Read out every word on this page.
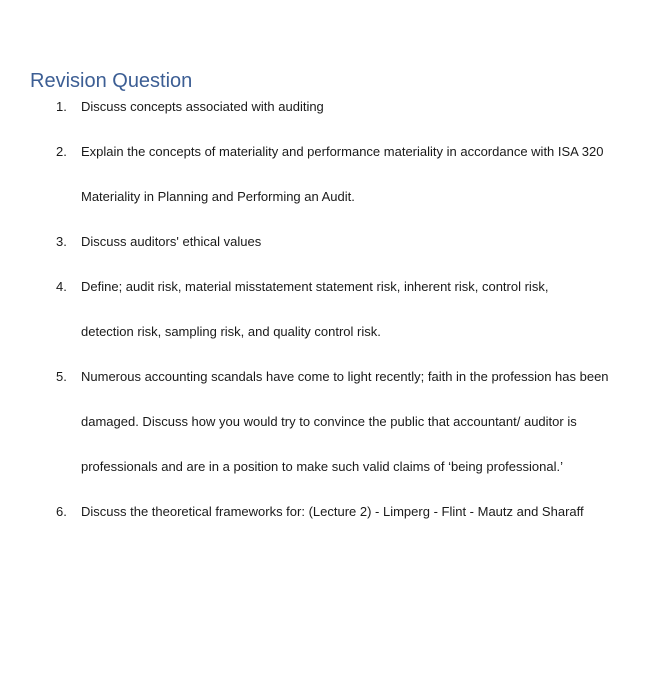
Revision Question
1. Discuss concepts associated with auditing
2. Explain the concepts of materiality and performance materiality in accordance with ISA 320
Materiality in Planning and Performing an Audit.
3. Discuss auditors' ethical values
4. Define; audit risk, material misstatement statement risk, inherent risk, control risk,
detection risk, sampling risk, and quality control risk.
5. Numerous accounting scandals have come to light recently; faith in the profession has been
damaged. Discuss how you would try to convince the public that accountant/ auditor is
professionals and are in a position to make such valid claims of ‘being professional.’
6. Discuss the theoretical frameworks for: (Lecture 2) - Limperg - Flint - Mautz and Sharaff
